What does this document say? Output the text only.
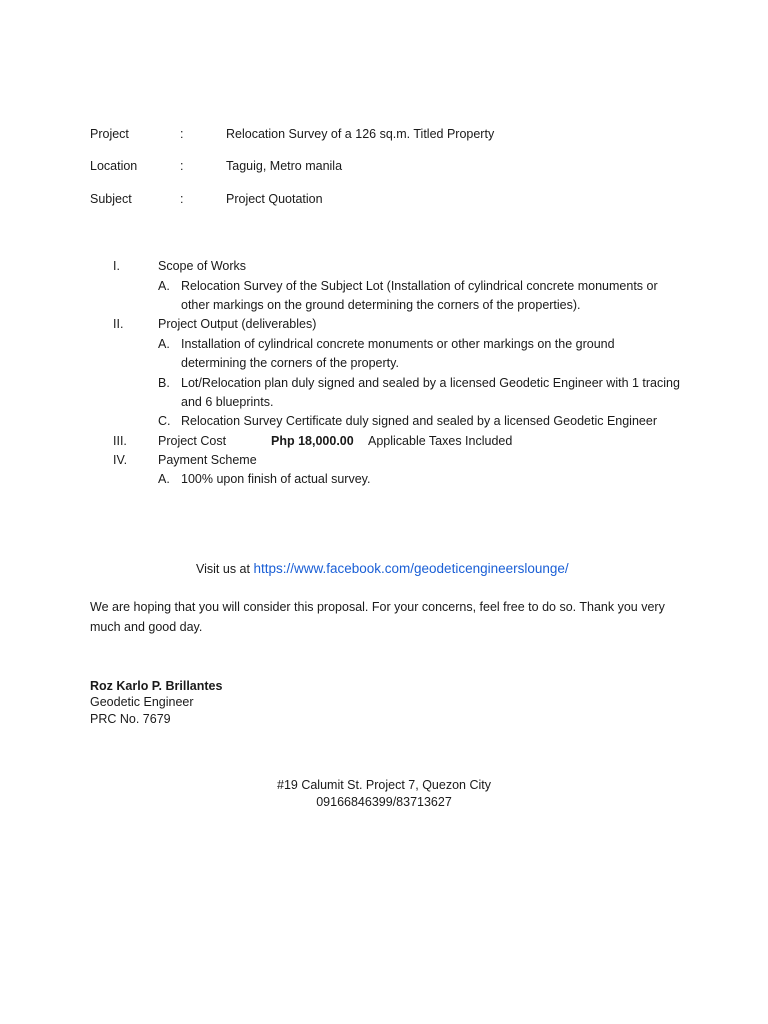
Project	:	Relocation Survey of a 126 sq.m. Titled Property
Location	:	Taguig, Metro manila
Subject	:	Project Quotation
I.	Scope of Works
A. Relocation Survey of the Subject Lot (Installation of cylindrical concrete monuments or other markings on the ground determining the corners of the properties).
II.	Project Output (deliverables)
A. Installation of cylindrical concrete monuments or other markings on the ground determining the corners of the property.
B. Lot/Relocation plan duly signed and sealed by a licensed Geodetic Engineer with 1 tracing and 6 blueprints.
C. Relocation Survey Certificate duly signed and sealed by a licensed Geodetic Engineer
III. Project Cost	Php 18,000.00 Applicable Taxes Included
IV. Payment Scheme
A. 100% upon finish of actual survey.
Visit us at https://www.facebook.com/geodeticengineerslounge/
We are hoping that you will consider this proposal. For your concerns, feel free to do so. Thank you very much and good day.
Roz Karlo P. Brillantes
Geodetic Engineer
PRC No. 7679
#19 Calumit St. Project 7, Quezon City
09166846399/83713627
